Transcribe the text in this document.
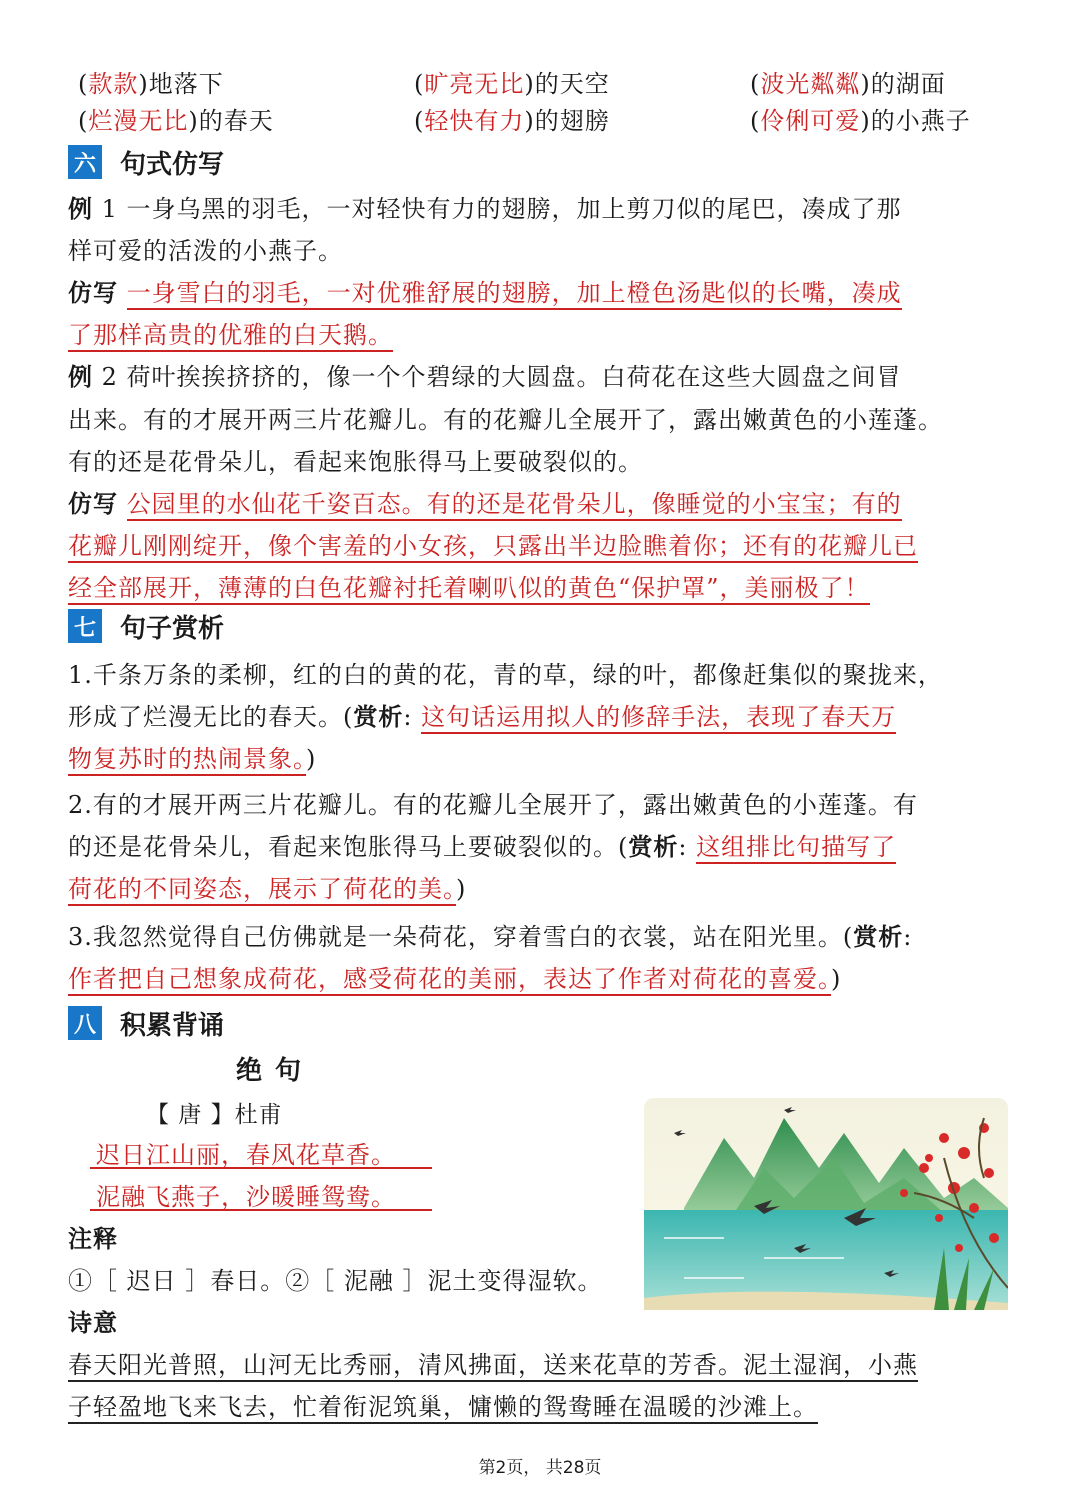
(款款)地落下	(旷亮无比)的天空	(波光粼粼)的湖面
(烂漫无比)的春天	(轻快有力)的翅膀	(伶俐可爱)的小燕子
六 句式仿写
例 1 一身乌黑的羽毛，一对轻快有力的翅膀，加上剪刀似的尾巴，凑成了那
样可爱的活泼的小燕子。
仿写 一身雪白的羽毛，一对优雅舒展的翅膀，加上橙色汤匙似的长嘴，凑成
了那样高贵的优雅的白天鹅。
例 2 荷叶挨挨挤挤的，像一个个碧绿的大圆盘。白荷花在这些大圆盘之间冒
出来。有的才展开两三片花瓣儿。有的花瓣儿全展开了，露出嫩黄色的小莲蓬。
有的还是花骨朵儿，看起来饱胀得马上要破裂似的。
仿写 公园里的水仙花千姿百态。有的还是花骨朵儿，像睡觉的小宝宝；有的
花瓣儿刚刚绽开，像个害羞的小女孩，只露出半边脸瞧着你；还有的花瓣儿已
经全部展开，薄薄的白色花瓣衬托着喇叭似的黄色“保护罩”，美丽极了！
七 句子赏析
1.千条万条的柔柳，红的白的黄的花，青的草，绿的叶，都像赶集似的聚拢来，
形成了烂漫无比的春天。(赏析: 这句话运用拟人的修辞手法，表现了春天万
物复苏时的热闹景象。)
2.有的才展开两三片花瓣儿。有的花瓣儿全展开了，露出嫩黄色的小莲蓬。有
的还是花骨朵儿，看起来饱胀得马上要破裂似的。(赏析: 这组排比句描写了
荷花的不同姿态，展示了荷花的美。)
3.我忽然觉得自己仿佛就是一朵荷花，穿着雪白的衣裳，站在阳光里。(赏析:
作者把自己想象成荷花，感受荷花的美丽，表达了作者对荷花的喜爱。)
八 积累背诵
绝 句
【 唐 】杜甫
迟日江山丽，春风花草香。
泥融飞燕子，沙暖睡鸳鸯。
注释
①［ 迟日 ］春日。②［ 泥融 ］泥土变得湿软。
诗意
春天阳光普照，山河无比秀丽，清风拂面，送来花草的芳香。泥土湿润，小燕
子轻盈地飞来飞去，忙着衔泥筑巢，慵懒的鸳鸯睡在温暖的沙滩上。
第2页， 共28页
